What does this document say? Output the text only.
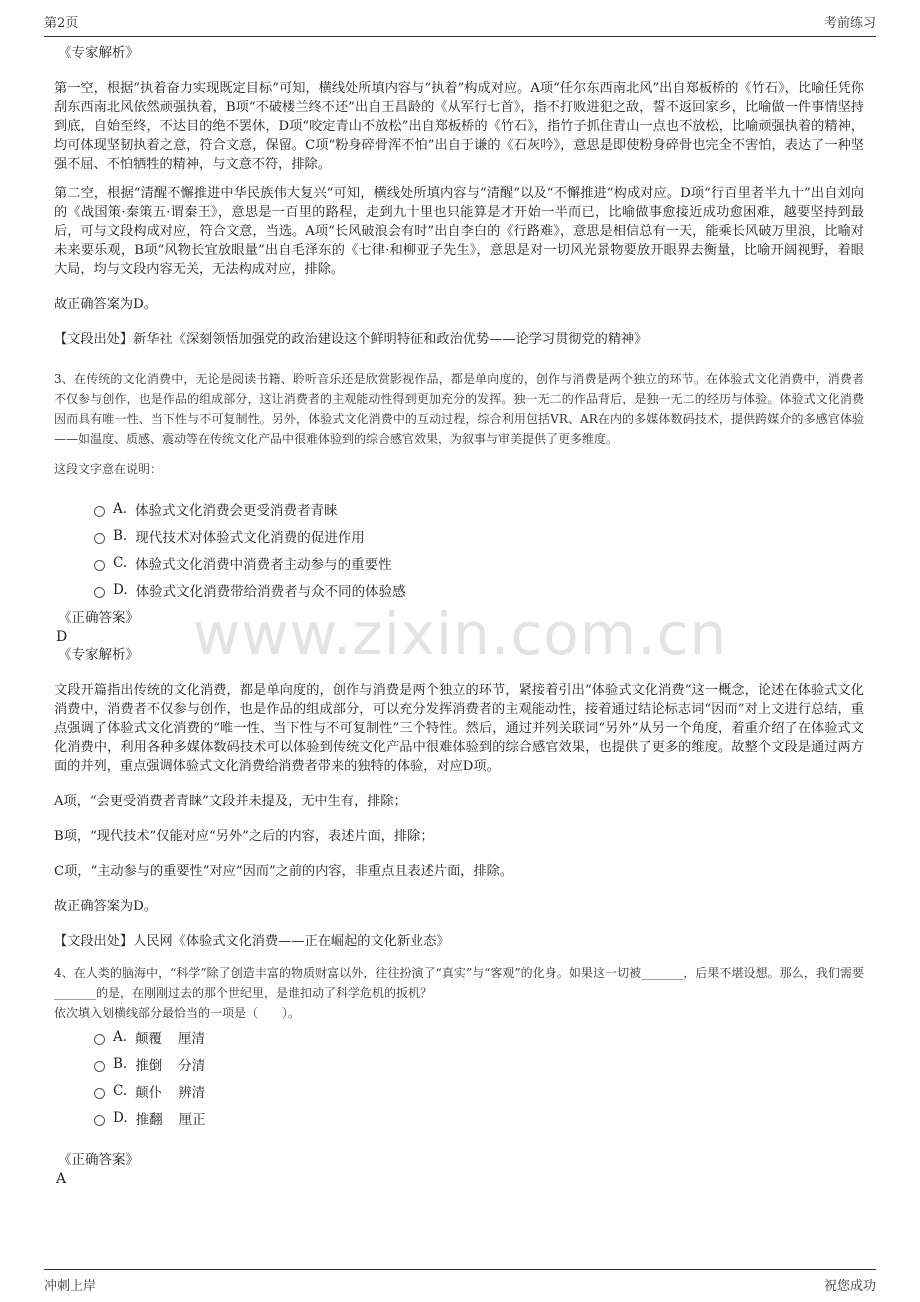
第2页	考前练习
www.zixin.com.cn

《专家解析》

第一空，根据“执着奋力实现既定目标”可知，横线处所填内容与“执着”构成对应。A项“任尔东西南北风”出自郑板桥的《竹石》，比喻任凭你刮东西南北风依然顽强执着，B项“不破楼兰终不还”出自王昌龄的《从军行七首》，指不打败进犯之敌，誓不返回家乡，比喻做一件事情坚持到底，自始至终，不达目的绝不罢休，D项“咬定青山不放松”出自郑板桥的《竹石》，指竹子抓住青山一点也不放松，比喻顽强执着的精神，均可体现坚韧执着之意，符合文意，保留。C项“粉身碎骨浑不怕”出自于谦的《石灰吟》，意思是即使粉身碎骨也完全不害怕，表达了一种坚强不屈、不怕牺牲的精神，与文意不符，排除。

第二空，根据“清醒不懈推进中华民族伟大复兴”可知，横线处所填内容与“清醒”以及“不懈推进”构成对应。D项“行百里者半九十”出自刘向的《战国策·秦策五·谓秦王》，意思是一百里的路程，走到九十里也只能算是才开始一半而已，比喻做事愈接近成功愈困难，越要坚持到最后，可与文段构成对应，符合文意，当选。A项“长风破浪会有时”出自李白的《行路难》，意思是相信总有一天，能乘长风破万里浪，比喻对未来要乐观，B项“风物长宜放眼量”出自毛泽东的《七律·和柳亚子先生》，意思是对一切风光景物要放开眼界去衡量，比喻开阔视野，着眼大局，均与文段内容无关，无法构成对应，排除。

故正确答案为D。

【文段出处】新华社《深刻领悟加强党的政治建设这个鲜明特征和政治优势——论学习贯彻党的精神》

3、在传统的文化消费中，无论是阅读书籍、聆听音乐还是欣赏影视作品，都是单向度的，创作与消费是两个独立的环节。在体验式文化消费中，消费者不仅参与创作，也是作品的组成部分，这让消费者的主观能动性得到更加充分的发挥。独一无二的作品背后，是独一无二的经历与体验。体验式文化消费因而具有唯一性、当下性与不可复制性。另外，体验式文化消费中的互动过程，综合利用包括VR、AR在内的多媒体数码技术，提供跨媒介的多感官体验——如温度、质感、震动等在传统文化产品中很难体验到的综合感官效果，为叙事与审美提供了更多维度。

这段文字意在说明：

A. 体验式文化消费会更受消费者青睐
B. 现代技术对体验式文化消费的促进作用
C. 体验式文化消费中消费者主动参与的重要性
D. 体验式文化消费带给消费者与众不同的体验感

《正确答案》

D

《专家解析》

文段开篇指出传统的文化消费，都是单向度的，创作与消费是两个独立的环节，紧接着引出“体验式文化消费”这一概念，论述在体验式文化消费中，消费者不仅参与创作，也是作品的组成部分，可以充分发挥消费者的主观能动性，接着通过结论标志词“因而”对上文进行总结，重点强调了体验式文化消费的“唯一性、当下性与不可复制性”三个特性。然后，通过并列关联词“另外”从另一个角度，着重介绍了在体验式文化消费中，利用各种多媒体数码技术可以体验到传统文化产品中很难体验到的综合感官效果，也提供了更多的维度。故整个文段是通过两方面的并列，重点强调体验式文化消费给消费者带来的独特的体验，对应D项。

A项，“会更受消费者青睐”文段并未提及，无中生有，排除；

B项，“现代技术”仅能对应“另外”之后的内容，表述片面，排除；

C项，“主动参与的重要性”对应“因而”之前的内容，非重点且表述片面，排除。

故正确答案为D。

【文段出处】人民网《体验式文化消费——正在崛起的文化新业态》

4、在人类的脑海中，“科学”除了创造丰富的物质财富以外，往往扮演了“真实”与“客观”的化身。如果这一切被_______，后果不堪设想。那么，我们需要_______的是，在刚刚过去的那个世纪里，是谁扣动了科学危机的扳机？

依次填入划横线部分最恰当的一项是（　　）。

A. 颠覆 厘清
B. 推倒 分清
C. 颠仆 辨清
D. 推翻 厘正

《正确答案》

A

冲刺上岸	祝您成功
